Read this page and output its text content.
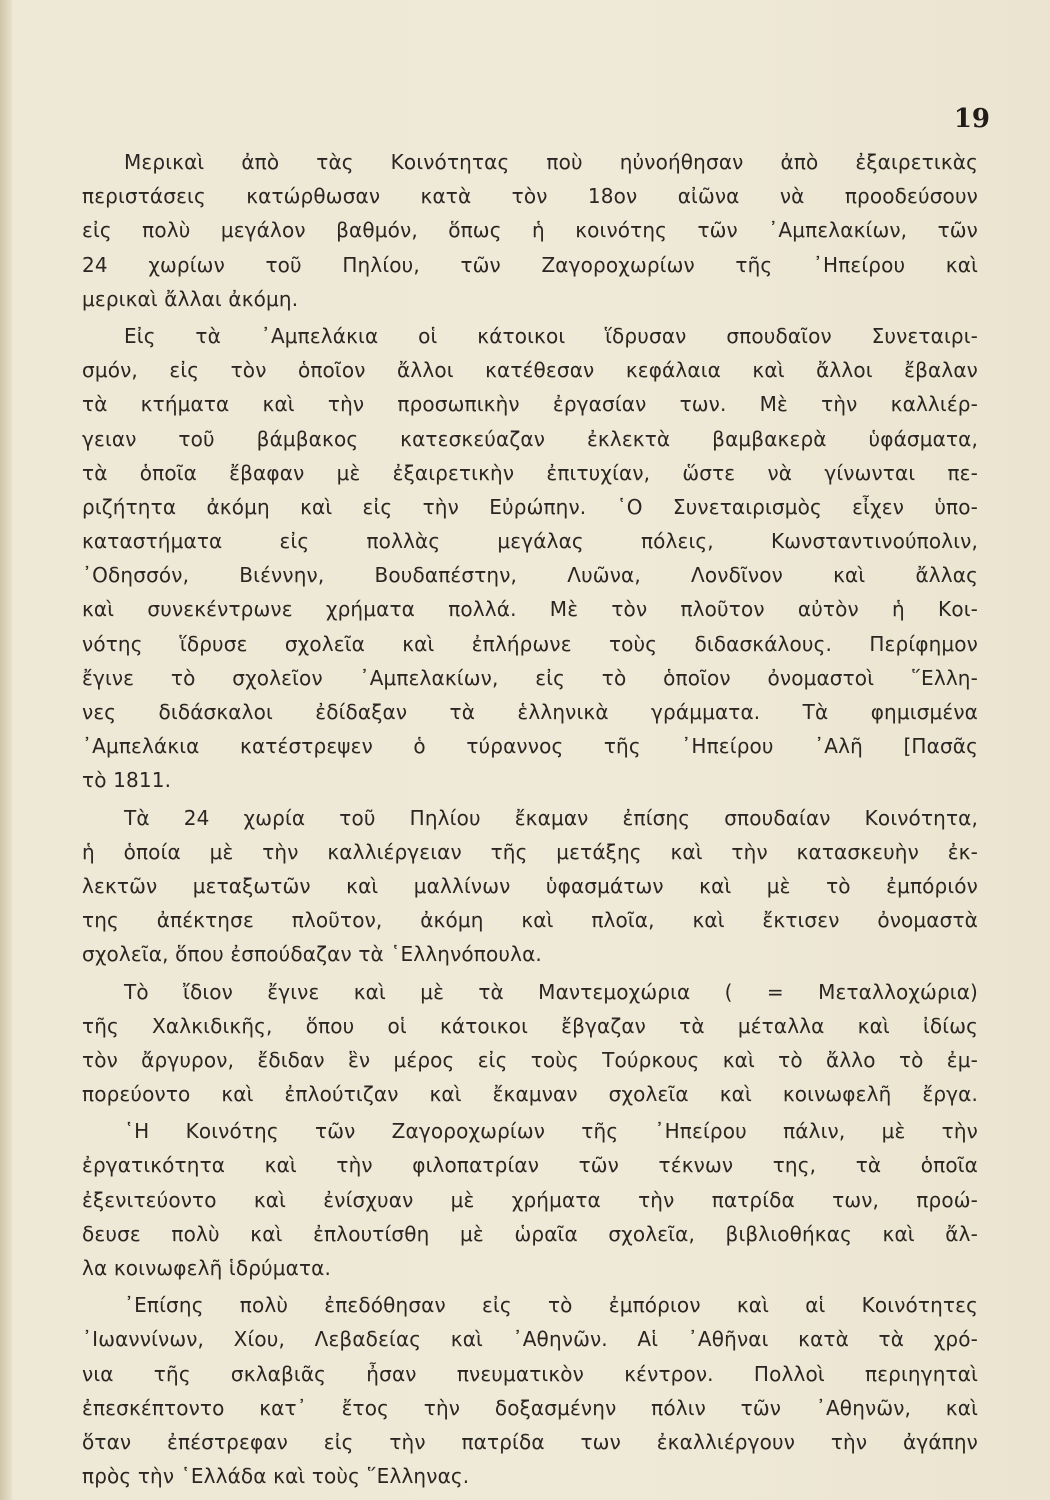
19
Μερικαὶ ἀπὸ τὰς Κοινότητας ποὺ ηὐνοήθησαν ἀπὸ ἐξαιρετικὰς
περιστάσεις κατώρθωσαν κατὰ τὸν 18ον αἰῶνα νὰ προοδεύσουν
εἰς πολὺ μεγάλον βαθμόν, ὅπως ἡ κοινότης τῶν ᾿Αμπελακίων, τῶν
24 χωρίων τοῦ Πηλίου, τῶν Ζαγοροχωρίων τῆς ᾿Ηπείρου καὶ
μερικαὶ ἄλλαι ἀκόμη.
Εἰς τὰ ᾿Αμπελάκια οἱ κάτοικοι ἵδρυσαν σπουδαῖον Συνεταιρι-
σμόν, εἰς τὸν ὁποῖον ἄλλοι κατέθεσαν κεφάλαια καὶ ἄλλοι ἔβαλαν
τὰ κτήματα καὶ τὴν προσωπικὴν ἐργασίαν των. Μὲ τὴν καλλιέρ-
γειαν τοῦ βάμβακος κατεσκεύαζαν ἐκλεκτὰ βαμβακερὰ ὑφάσματα,
τὰ ὁποῖα ἔβαφαν μὲ ἐξαιρετικὴν ἐπιτυχίαν, ὥστε νὰ γίνωνται πε-
ριζήτητα ἀκόμη καὶ εἰς τὴν Εὐρώπην. ῾Ο Συνεταιρισμὸς εἶχεν ὑπο-
καταστήματα εἰς πολλὰς μεγάλας πόλεις, Κωνσταντινούπολιν,
᾿Οδησσόν, Βιέννην, Βουδαπέστην, Λυῶνα, Λονδῖνον καὶ ἄλλας
καὶ συνεκέντρωνε χρήματα πολλά. Μὲ τὸν πλοῦτον αὐτὸν ἡ Κοι-
νότης ἵδρυσε σχολεῖα καὶ ἐπλήρωνε τοὺς διδασκάλους. Περίφημον
ἔγινε τὸ σχολεῖον ᾿Αμπελακίων, εἰς τὸ ὁποῖον ὀνομαστοὶ ῞Ελλη-
νες διδάσκαλοι ἐδίδαξαν τὰ ἑλληνικὰ γράμματα. Τὰ φημισμένα
᾿Αμπελάκια κατέστρεψεν ὁ τύραννος τῆς ᾿Ηπείρου ᾿Αλῆ [Πασᾶς
τὸ 1811.
Τὰ 24 χωρία τοῦ Πηλίου ἔκαμαν ἐπίσης σπουδαίαν Κοινότητα,
ἡ ὁποία μὲ τὴν καλλιέργειαν τῆς μετάξης καὶ τὴν κατασκευὴν ἐκ-
λεκτῶν μεταξωτῶν καὶ μαλλίνων ὑφασμάτων καὶ μὲ τὸ ἐμπόριόν
της ἀπέκτησε πλοῦτον, ἀκόμη καὶ πλοῖα, καὶ ἔκτισεν ὀνομαστὰ
σχολεῖα, ὅπου ἐσπούδαζαν τὰ ῾Ελληνόπουλα.
Τὸ ἴδιον ἔγινε καὶ μὲ τὰ Μαντεμοχώρια ( = Μεταλλοχώρια)
τῆς Χαλκιδικῆς, ὅπου οἱ κάτοικοι ἔβγαζαν τὰ μέταλλα καὶ ἰδίως
τὸν ἄργυρον, ἔδιδαν ἓν μέρος εἰς τοὺς Τούρκους καὶ τὸ ἄλλο τὸ ἐμ-
πορεύοντο καὶ ἐπλούτιζαν καὶ ἔκαμναν σχολεῖα καὶ κοινωφελῆ ἔργα.
῾Η Κοινότης τῶν Ζαγοροχωρίων τῆς ᾿Ηπείρου πάλιν, μὲ τὴν
ἐργατικότητα καὶ τὴν φιλοπατρίαν τῶν τέκνων της, τὰ ὁποῖα
ἐξενιτεύοντο καὶ ἐνίσχυαν μὲ χρήματα τὴν πατρίδα των, προώ-
δευσε πολὺ καὶ ἐπλουτίσθη μὲ ὡραῖα σχολεῖα, βιβλιοθήκας καὶ ἄλ-
λα κοινωφελῆ ἱδρύματα.
᾿Επίσης πολὺ ἐπεδόθησαν εἰς τὸ ἐμπόριον καὶ αἱ Κοινότητες
᾿Ιωαννίνων, Χίου, Λεβαδείας καὶ ᾿Αθηνῶν. Αἱ ᾿Αθῆναι κατὰ τὰ χρό-
νια τῆς σκλαβιᾶς ἦσαν πνευματικὸν κέντρον. Πολλοὶ περιηγηταὶ
ἐπεσκέπτοντο κατ᾿ ἔτος τὴν δοξασμένην πόλιν τῶν ᾿Αθηνῶν, καὶ
ὅταν ἐπέστρεφαν εἰς τὴν πατρίδα των ἐκαλλιέργουν τὴν ἀγάπην
πρὸς τὴν ῾Ελλάδα καὶ τοὺς ῞Ελληνας.
